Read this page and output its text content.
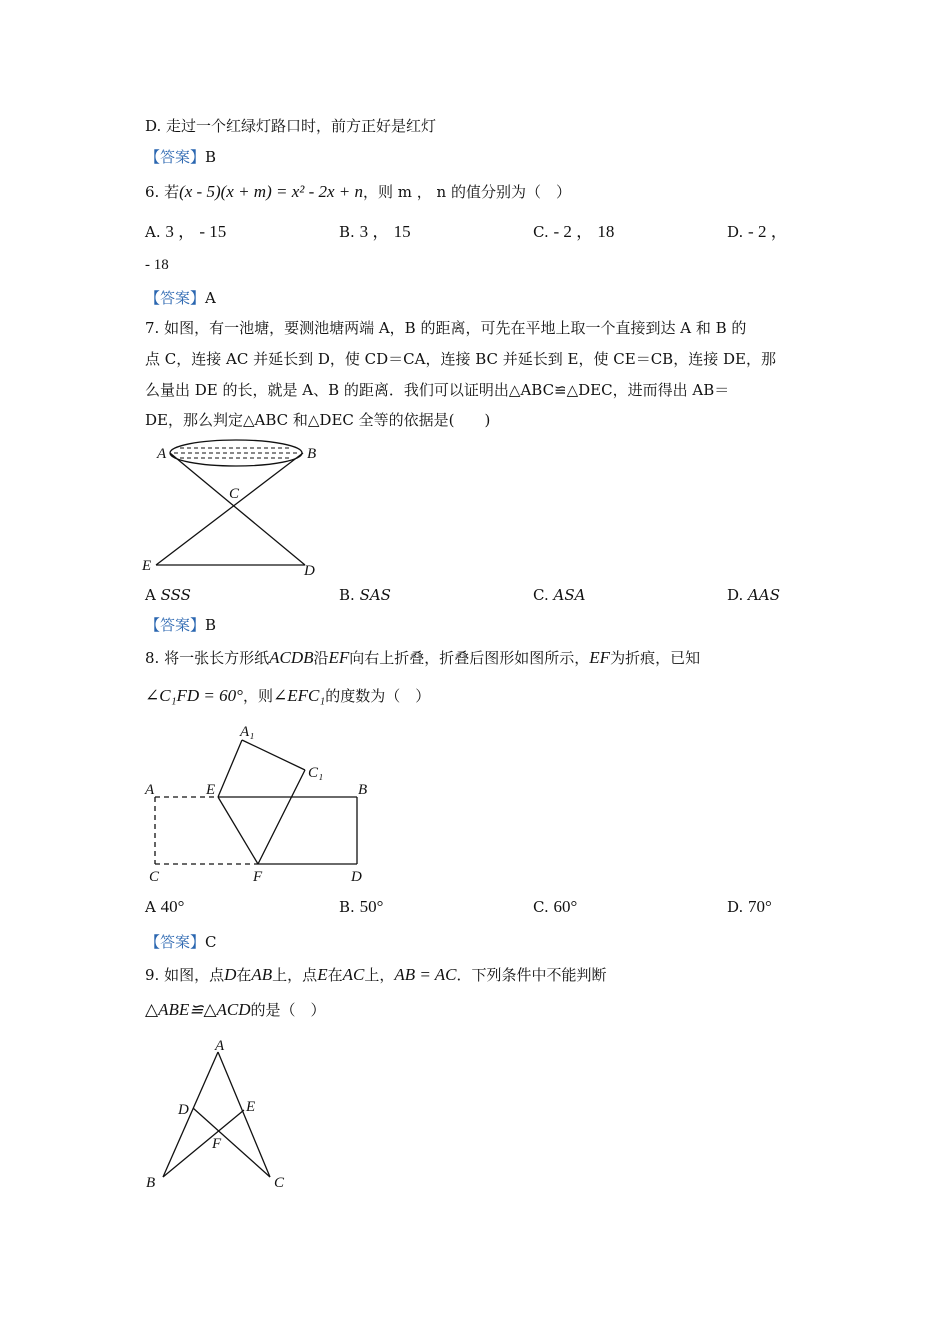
D. 走过一个红绿灯路口时，前方正好是红灯
【答案】B
6. 若(x - 5)(x + m) = x² - 2x + n，则 m ， n 的值分别为（　）
A. 3 ， - 15	B. 3 ， 15	C. - 2 ， 18	D. - 2 ，
- 18
【答案】A
7. 如图，有一池塘，要测池塘两端 A，B 的距离，可先在平地上取一个直接到达 A 和 B 的
点 C，连接 AC 并延长到 D，使 CD＝CA，连接 BC 并延长到 E，使 CE＝CB，连接 DE，那
么量出 DE 的长，就是 A、B 的距离．我们可以证明出△ABC≌△DEC，进而得出 AB＝
DE，那么判定△ABC 和△DEC 全等的依据是(　　)
A	B
C
D
E
A SSS	B. SAS	C. ASA	D. AAS
【答案】B
8. 将一张长方形纸ACDB沿EF向右上折叠，折叠后图形如图所示，EF为折痕，已知
∠C₁FD = 60°，则∠EFC₁的度数为（　）
A₁
C₁
A	E	B
C	F	D
A 40°	B. 50°	C. 60°	D. 70°
【答案】C
9. 如图，点D在AB上，点E在AC上，AB = AC．下列条件中不能判断
△ABE≌△ACD的是（　）
A
D	E
F
B	C
